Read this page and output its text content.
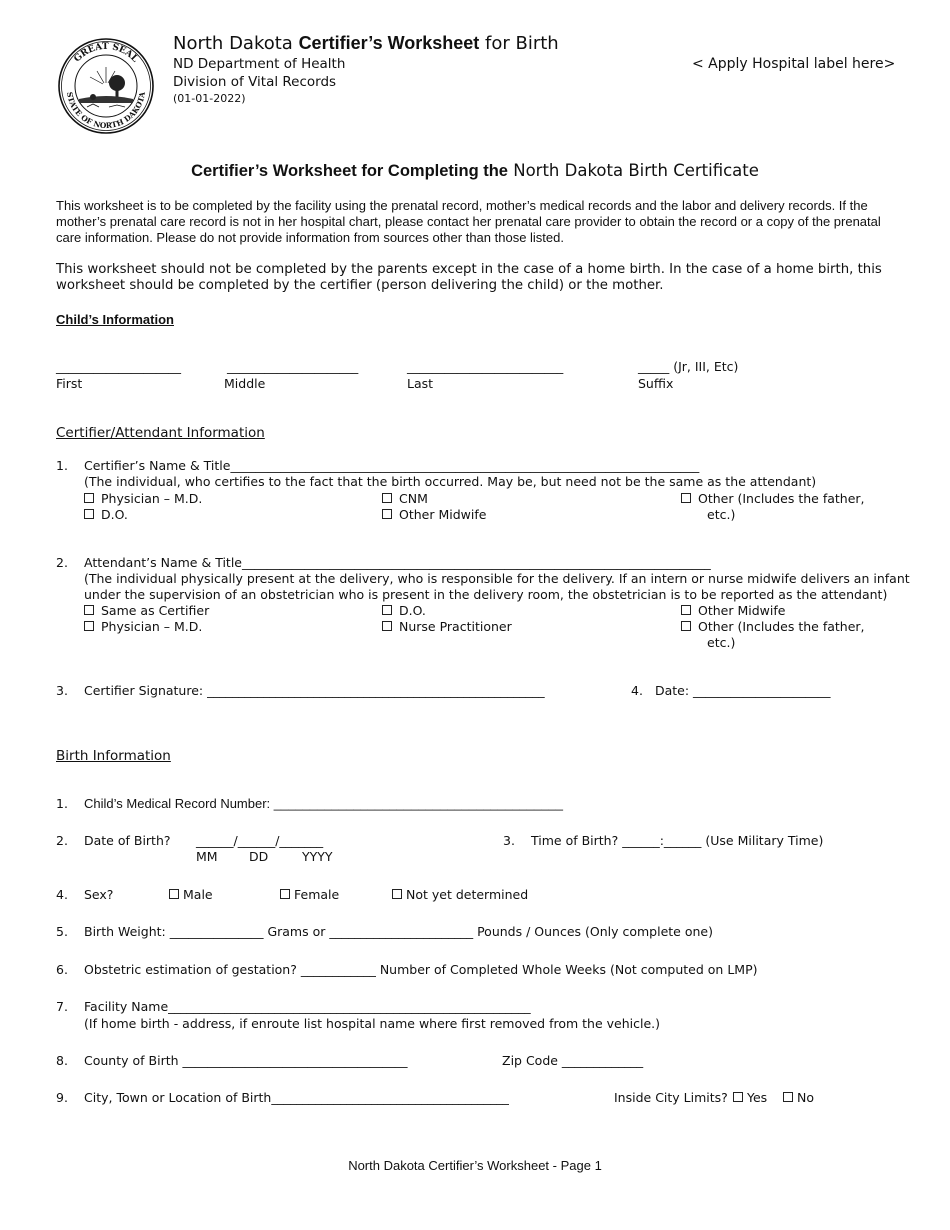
GREAT SEAL
STATE OF NORTH DAKOTA
North Dakota Certifier’s Worksheet for Birth
ND Department of Health
Division of Vital Records
(01-01-2022)
< Apply Hospital label here>
Certifier’s Worksheet for Completing the North Dakota Birth Certificate
This worksheet is to be completed by the facility using the prenatal record, mother’s medical records and the labor and delivery records. If the mother’s prenatal care record is not in her hospital chart, please contact her prenatal care provider to obtain the record or a copy of the prenatal care information. Please do not provide information from sources other than those listed.
This worksheet should not be completed by the parents except in the case of a home birth. In the case of a home birth, this worksheet should be completed by the certifier (person delivering the child) or the mother.
Child’s Information
____________________	_____________________	_________________________	_____ (Jr, III, Etc)
First	Middle	Last	Suffix
Certifier/Attendant Information
1. Certifier’s Name & Title___________________________________________________________________________
(The individual, who certifies to the fact that the birth occurred. May be, but need not be the same as the attendant)
Physician – M.D.
D.O.
CNM
Other Midwife
Other (Includes the father,
etc.)
2. Attendant’s Name & Title___________________________________________________________________________
(The individual physically present at the delivery, who is responsible for the delivery. If an intern or nurse midwife delivers an infant
under the supervision of an obstetrician who is present in the delivery room, the obstetrician is to be reported as the attendant)
Same as Certifier
Physician – M.D.
D.O.
Nurse Practitioner
Other Midwife
Other (Includes the father,
etc.)
3. Certifier Signature: ______________________________________________________	4. Date: ______________________
Birth Information
1. Child’s Medical Record Number: ________________________________________
2. Date of Birth? ______/______/_______
MM	DD	YYYY
3. Time of Birth? ______:______ (Use Military Time)
4. Sex?	Male	Female	Not yet determined
5. Birth Weight: _______________ Grams or _______________________ Pounds / Ounces (Only complete one)
6. Obstetric estimation of gestation? ____________ Number of Completed Whole Weeks (Not computed on LMP)
7. Facility Name__________________________________________________________
(If home birth - address, if enroute list hospital name where first removed from the vehicle.)
8. County of Birth ____________________________________	Zip Code _____________
9. City, Town or Location of Birth______________________________________	Inside City Limits?	Yes	No
North Dakota Certifier’s Worksheet - Page 1
